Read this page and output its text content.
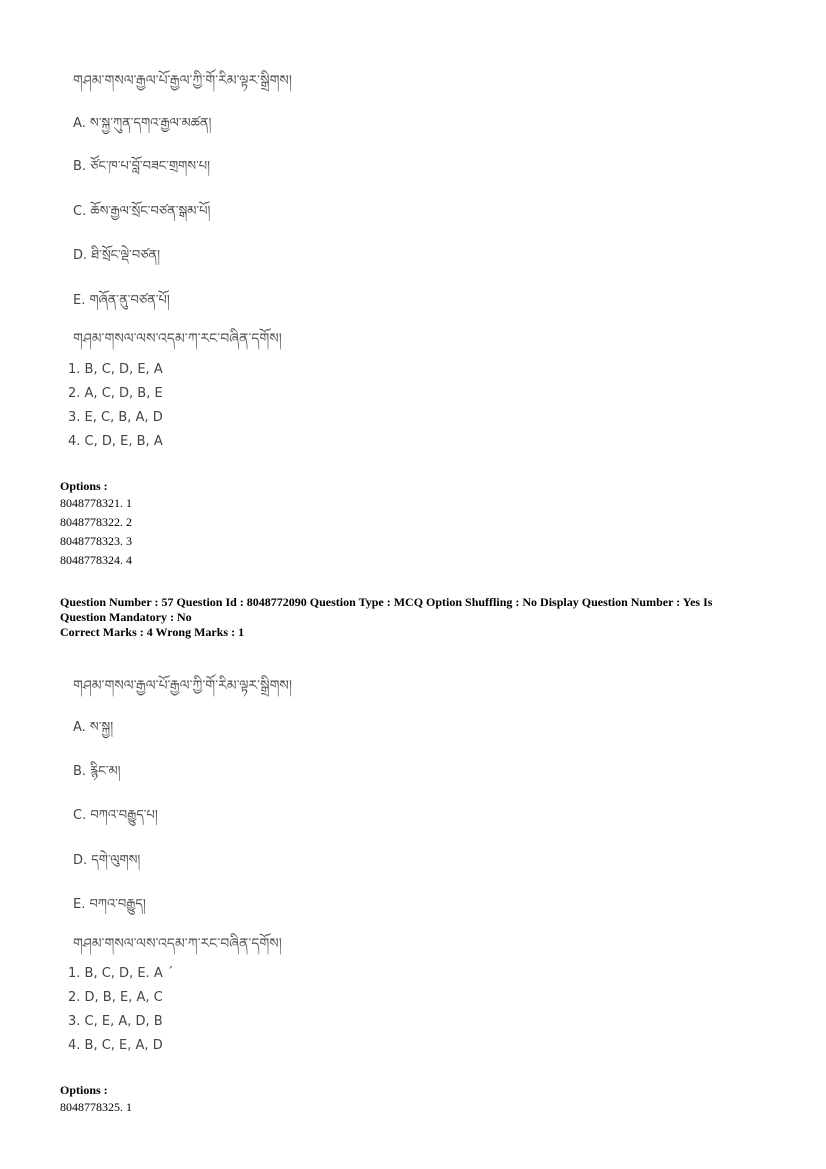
གཤམ་གསལ་རྒྱལ་པོ་རྒྱལ་ཀྱི་གོ་རིམ་ལྟར་སྒྲིགས།
A. ས་སྐྱ་ཀུན་དགའ་རྒྱལ་མཚན།
B. ཙོང་ཁ་པ་བློ་བཟང་གྲགས་པ།
C. ཆོས་རྒྱལ་སྲོང་བཙན་སྒམ་པོ།
D. ཐི་སྲོང་ལྡེ་བཙན།
E. གཞོན་ནུ་བཙན་པོ།
གཤམ་གསལ་ལས་འདམ་ཀ་རང་བཞིན་དགོས།
1. B, C, D, E, A
2. A, C, D, B, E
3. E, C, B, A, D
4. C, D, E, B, A
Options :
8048778321. 1
8048778322. 2
8048778323. 3
8048778324. 4
Question Number : 57 Question Id : 8048772090 Question Type : MCQ Option Shuffling : No Display Question Number : Yes Is Question Mandatory : No
Correct Marks : 4 Wrong Marks : 1
གཤམ་གསལ་རྒྱལ་པོ་རྒྱལ་ཀྱི་གོ་རིམ་ལྟར་སྒྲིགས།
A. ས་སྐྱ།
B. རྙིང་མ།
C. བཀའ་བརྒྱུད་པ།
D. དགེ་ལུགས།
E. བཀའ་བརྒྱུད།
གཤམ་གསལ་ལས་འདམ་ཀ་རང་བཞིན་དགོས།
1. B, C, D, E. A ˊ
2. D, B, E, A, C
3. C, E, A, D, B
4. B, C, E, A, D
Options :
8048778325. 1
